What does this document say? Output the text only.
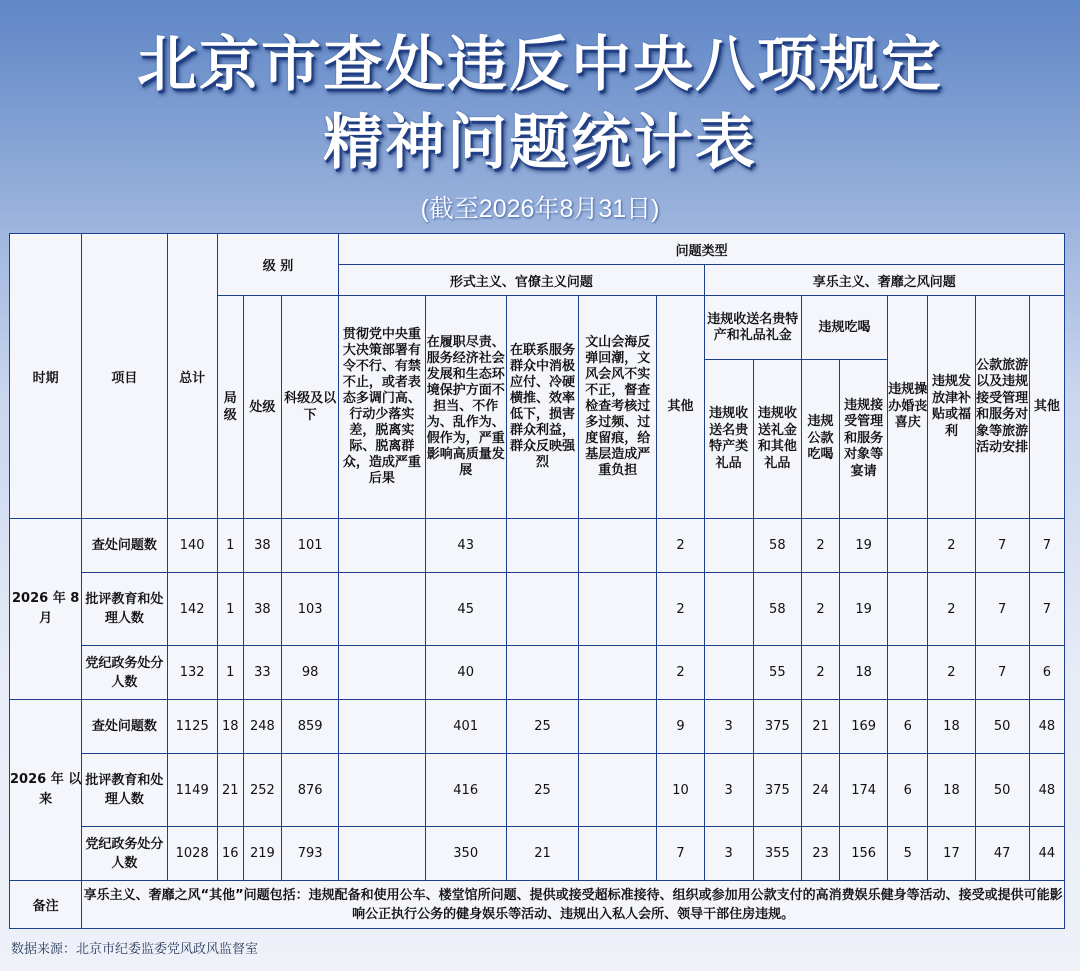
北京市查处违反中央八项规定
精神问题统计表
(截至2026年8月31日)
时期	项目	总计	级 别			问题类型												
						形式主义、官僚主义问题					享乐主义、奢靡之风问题							
			局级	处级	科级及以下	贯彻党中央重大决策部署有令不行、有禁不止，或者表态多调门高、行动少落实差，脱离实际、脱离群众，造成严重后果	在履职尽责、服务经济社会发展和生态环境保护方面不担当、不作为、乱作为、假作为，严重影响高质量发展	在联系服务群众中消极应付、冷硬横推、效率低下，损害群众利益，群众反映强烈	文山会海反弹回潮，文风会风不实不正，督查检查考核过多过频、过度留痕，给基层造成严重负担	其他	违规收送名贵特产和礼品礼金		违规吃喝		违规操办婚丧喜庆	违规发放津补贴或福利	公款旅游以及违规接受管理和服务对象等旅游活动安排	其他
											违规收送名贵特产类礼品	违规收送礼金和其他礼品	违规公款吃喝	违规接受管理和服务对象等宴请				
2026 年 8月	查处问题数	140	1	38	101		43			2		58	2	19		2	7	7
	批评教育和处理人数	142	1	38	103		45			2		58	2	19		2	7	7
	党纪政务处分人数	132	1	33	98		40			2		55	2	18		2	7	6
2026 年 以来	查处问题数	1125	18	248	859		401	25		9	3	375	21	169	6	18	50	48
	批评教育和处理人数	1149	21	252	876		416	25		10	3	375	24	174	6	18	50	48
	党纪政务处分人数	1028	16	219	793		350	21		7	3	355	23	156	5	17	47	44
备注	享乐主义、奢靡之风“其他”问题包括：违规配备和使用公车、楼堂馆所问题、提供或接受超标准接待、组织或参加用公款支付的高消费娱乐健身等活动、接受或提供可能影响公正执行公务的健身娱乐等活动、违规出入私人会所、领导干部住房违规。																	
数据来源：北京市纪委监委党风政风监督室
